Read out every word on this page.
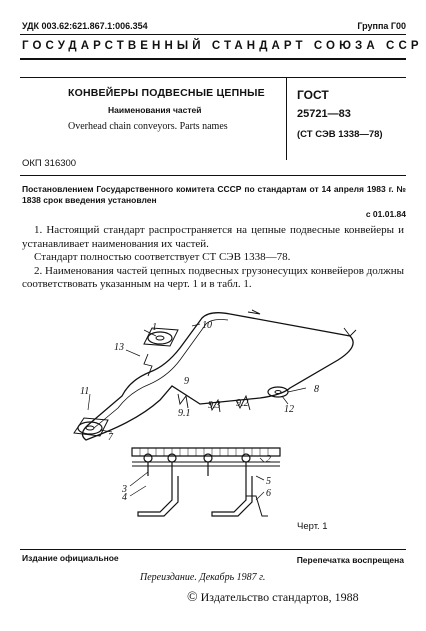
УДК 003.62:621.867.1:006.354	Группа Г00
ГОСУДАРСТВЕННЫЙ СТАНДАРТ СОЮЗА ССР
КОНВЕЙЕРЫ ПОДВЕСНЫЕ ЦЕПНЫЕ
Наименования частей
Overhead chain conveyors. Parts names
ГОСТ
25721—83
(СТ СЭВ 1338—78)
ОКП 316300
Постановлением Государственного комитета СССР по стандартам от 14 апреля 1983 г. № 1838 срок введения установлен
с 01.01.84

1. Настоящий стандарт распространяется на цепные подвесные конвейеры и устанавливает наименования их частей.

Стандарт полностью соответствует СТ СЭВ 1338—78.

2. Наименования частей цепных подвесных грузонесущих конвейеров должны соответствовать указанным на черт. 1 и в табл. 1.

1	10
13
9
8
11
9.1
9.3 9.2
12
7
2
3
4
5
6
Черт. 1
Издание официальное	Перепечатка воспрещена
Переиздание. Декабрь 1987 г.
© Издательство стандартов, 1988
